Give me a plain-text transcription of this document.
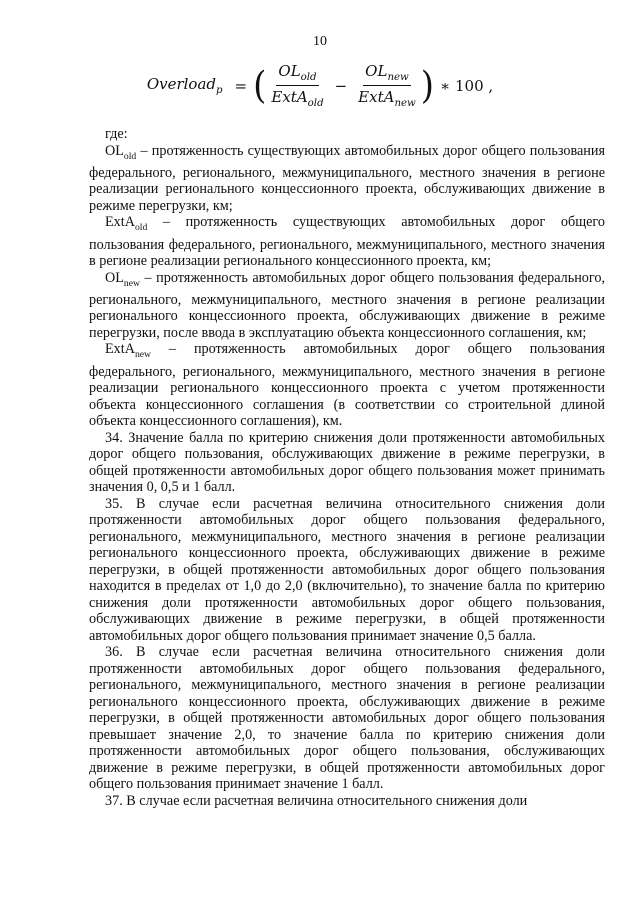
10
Overload$_p$ = ( $\frac{OL_{old}}{ExtA_{old}} - \frac{OL_{new}}{ExtA_{new}}$ ) ∗ 100 ,

где:

$OL_{old}$ – протяженность существующих автомобильных дорог общего пользования федерального, регионального, межмуниципального, местного значения в регионе реализации регионального концессионного проекта, обслуживающих движение в режиме перегрузки, км;

ExtA$_{old}$ – протяженность существующих автомобильных дорог общего пользования федерального, регионального, межмуниципального, местного значения в регионе реализации регионального концессионного проекта, км;

$OL_{new}$ – протяженность автомобильных дорог общего пользования федерального, регионального, межмуниципального, местного значения в регионе реализации регионального концессионного проекта, обслуживающих движение в режиме перегрузки, после ввода в эксплуатацию объекта концессионного соглашения, км;

ExtA$_{new}$ – протяженность автомобильных дорог общего пользования федерального, регионального, межмуниципального, местного значения в регионе реализации регионального концессионного проекта с учетом протяженности объекта концессионного соглашения (в соответствии со строительной длиной объекта концессионного соглашения), км.

34. Значение балла по критерию снижения доли протяженности автомобильных дорог общего пользования, обслуживающих движение в режиме перегрузки, в общей протяженности автомобильных дорог общего пользования может принимать значения 0, 0,5 и 1 балл.

35. В случае если расчетная величина относительного снижения доли протяженности автомобильных дорог общего пользования федерального, регионального, межмуниципального, местного значения в регионе реализации регионального концессионного проекта, обслуживающих движение в режиме перегрузки, в общей протяженности автомобильных дорог общего пользования находится в пределах от 1,0 до 2,0 (включительно), то значение балла по критерию снижения доли протяженности автомобильных дорог общего пользования, обслуживающих движение в режиме перегрузки, в общей протяженности автомобильных дорог общего пользования принимает значение 0,5 балла.

36. В случае если расчетная величина относительного снижения доли протяженности автомобильных дорог общего пользования федерального, регионального, межмуниципального, местного значения в регионе реализации регионального концессионного проекта, обслуживающих движение в режиме перегрузки, в общей протяженности автомобильных дорог общего пользования превышает значение 2,0, то значение балла по критерию снижения доли протяженности автомобильных дорог общего пользования, обслуживающих движение в режиме перегрузки, в общей протяженности автомобильных дорог общего пользования принимает значение 1 балл.

37. В случае если расчетная величина относительного снижения доли
